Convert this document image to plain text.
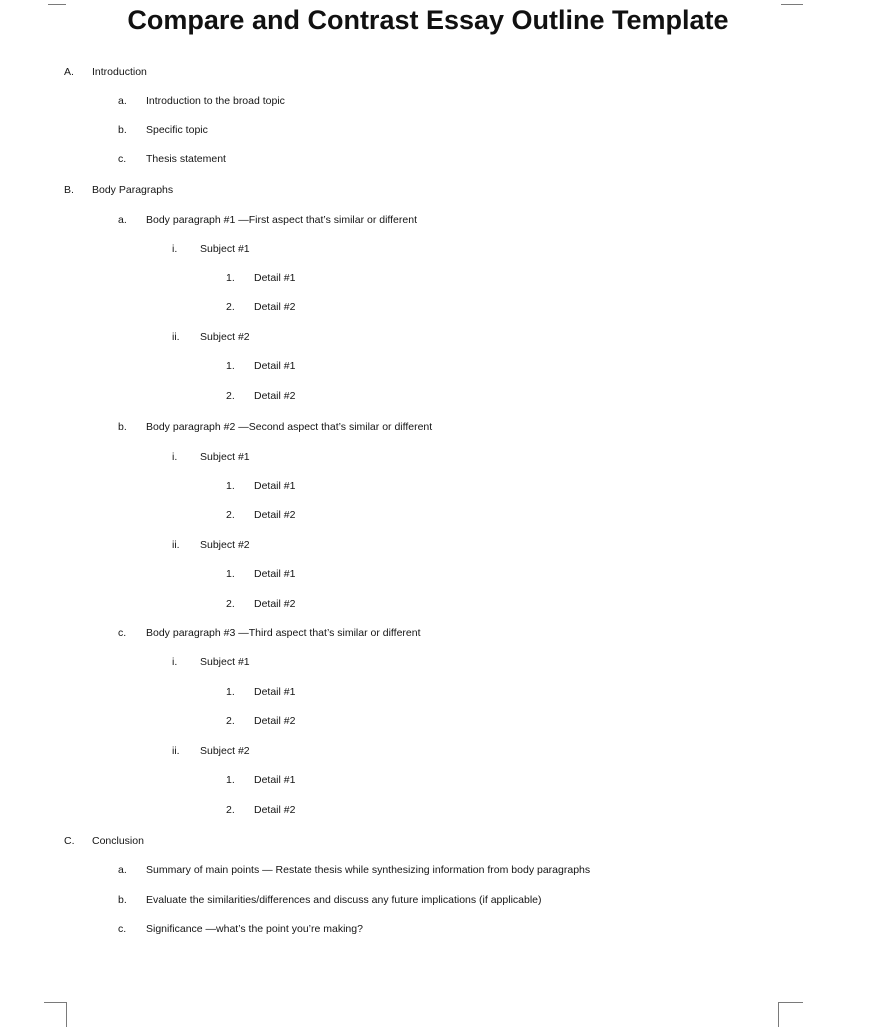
Compare and Contrast Essay Outline Template
A. Introduction
a. Introduction to the broad topic
b. Specific topic
c. Thesis statement
B. Body Paragraphs
a. Body paragraph #1 —First aspect that’s similar or different
i. Subject #1
1. Detail #1
2. Detail #2
ii. Subject #2
1. Detail #1
2. Detail #2
b. Body paragraph #2 —Second aspect that’s similar or different
i. Subject #1
1. Detail #1
2. Detail #2
ii. Subject #2
1. Detail #1
2. Detail #2
c. Body paragraph #3 —Third aspect that’s similar or different
i. Subject #1
1. Detail #1
2. Detail #2
ii. Subject #2
1. Detail #1
2. Detail #2
C. Conclusion
a. Summary of main points — Restate thesis while synthesizing information from body paragraphs
b. Evaluate the similarities/differences and discuss any future implications (if applicable)
c. Significance —what’s the point you’re making?
